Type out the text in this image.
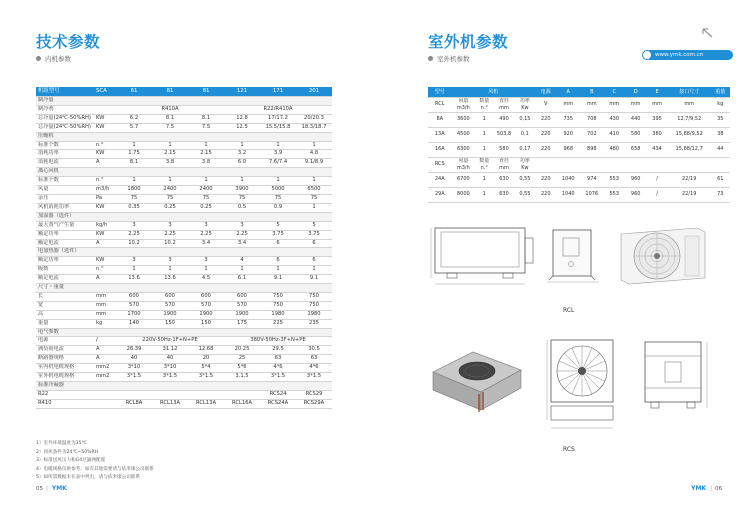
技术参数
内机参数
机组型号	SCA	61	81	81	121	171	201
制冷量							
制冷剂		R410A			R22/R410A		
总冷量(24℃-50%RH)	KW	6.2	8.1	8.1	12.8	17/17.2	20/20.3
总冷量(24℃-50%RH)	KW	5.7	7.5	7.5	12.5	15.5/15.8	18.3/18.7
压缩机							
标准个数	n.°	1	1	1	1	1	1
消耗功率	KW	1.75	2.15	2.15	3.2	3.9	4.8
消耗电流	A	8.1	3.8	3.8	6.0	7.6/7.4	9.1/8.9
离心风机							
标准个数	n.°	1	1	1	1	1	1
风量	m3/h	1800	2400	2400	3900	5000	6500
余压	Pa	75	75	75	75	75	75
风机消耗功率	KW	0.35	0.25	0.25	0.5	0.9	1
加湿器（选件）							
最大蒸气产生量	kg/h	3	3	3	3	5	5
额定功率	KW	2.25	2.25	2.25	2.25	3.75	3.75
额定电流	A	10.2	10.2	3.4	3.4	6	6
电加热器（选件）							
额定功率	KW	3	3	3	4	6	6
级数	n.°	1	1	1	1	1	1
额定电流	A	13.6	13.6	4.5	6.1	9.1	9.1
尺寸・重量							
长	mm	600	600	600	600	750	750
宽	mm	570	570	570	570	750	750
高	mm	1700	1900	1900	1900	1980	1980
重量	kg	140	150	150	175	225	235
电气参数							
电源	/	220V-50Hz-1F+N+PE			380V-50Hz-3F+N+PE		
满负荷电流	A	28.39	31.12	12.68	20.25	29.5	30.5
断路器规格	A	40	40	20	25	63	63
室内机电缆规格	mm2	3*10	3*10	5*4	5*6	4*6	4*6
室外机电缆规格	mm2	3*1.5	3*1.5	3*1.5	3.1.5	3*1.5	3*1.5
标准冷凝器							
R22						RCS24	RCS29
R410		RCL8A	RCL13A	RCL13A	RCL16A	RCS24A	RCS29A
1）室外环境温度为35℃
2）回风条件为24℃~50%RH
3）标准送风压力和G4过滤网配置
4）电缆规格仅供参考。如有其他需要请与依米康公司联系
5）如所需数据未在表中列出，请与依米康公司联系
05 | YMK
室外机参数
室外机参数	www.ymk.com.cn
型号	风机				电源	A	B	C	D	E	接口尺寸	重量
RCL	风量 m3/h	数量 n.°	直径 mm	功率 Kw	V	mm	mm	mm	mm	mm	mm	kg
8A	3600	1	490	0,15	220	735	708	430	440	395	12,7/9,52	35
13A	4500	1	503,8	0,1	220	920	702	410	580	380	15,88/9,52	38
16A	6300	1	580	0,17	220	968	898	480	658	434	15,88/12,7	44
RCS	风量 m3/h	数量 n.°	直径 mm	功率 Kw								
24A	6700	1	630	0,55	220	1040	974	553	960	/	22/19	61
29A	8000	1	630	0,55	220	1040	1076	553	960	/	22/19	73
RCL
RCS
YMK | 06
